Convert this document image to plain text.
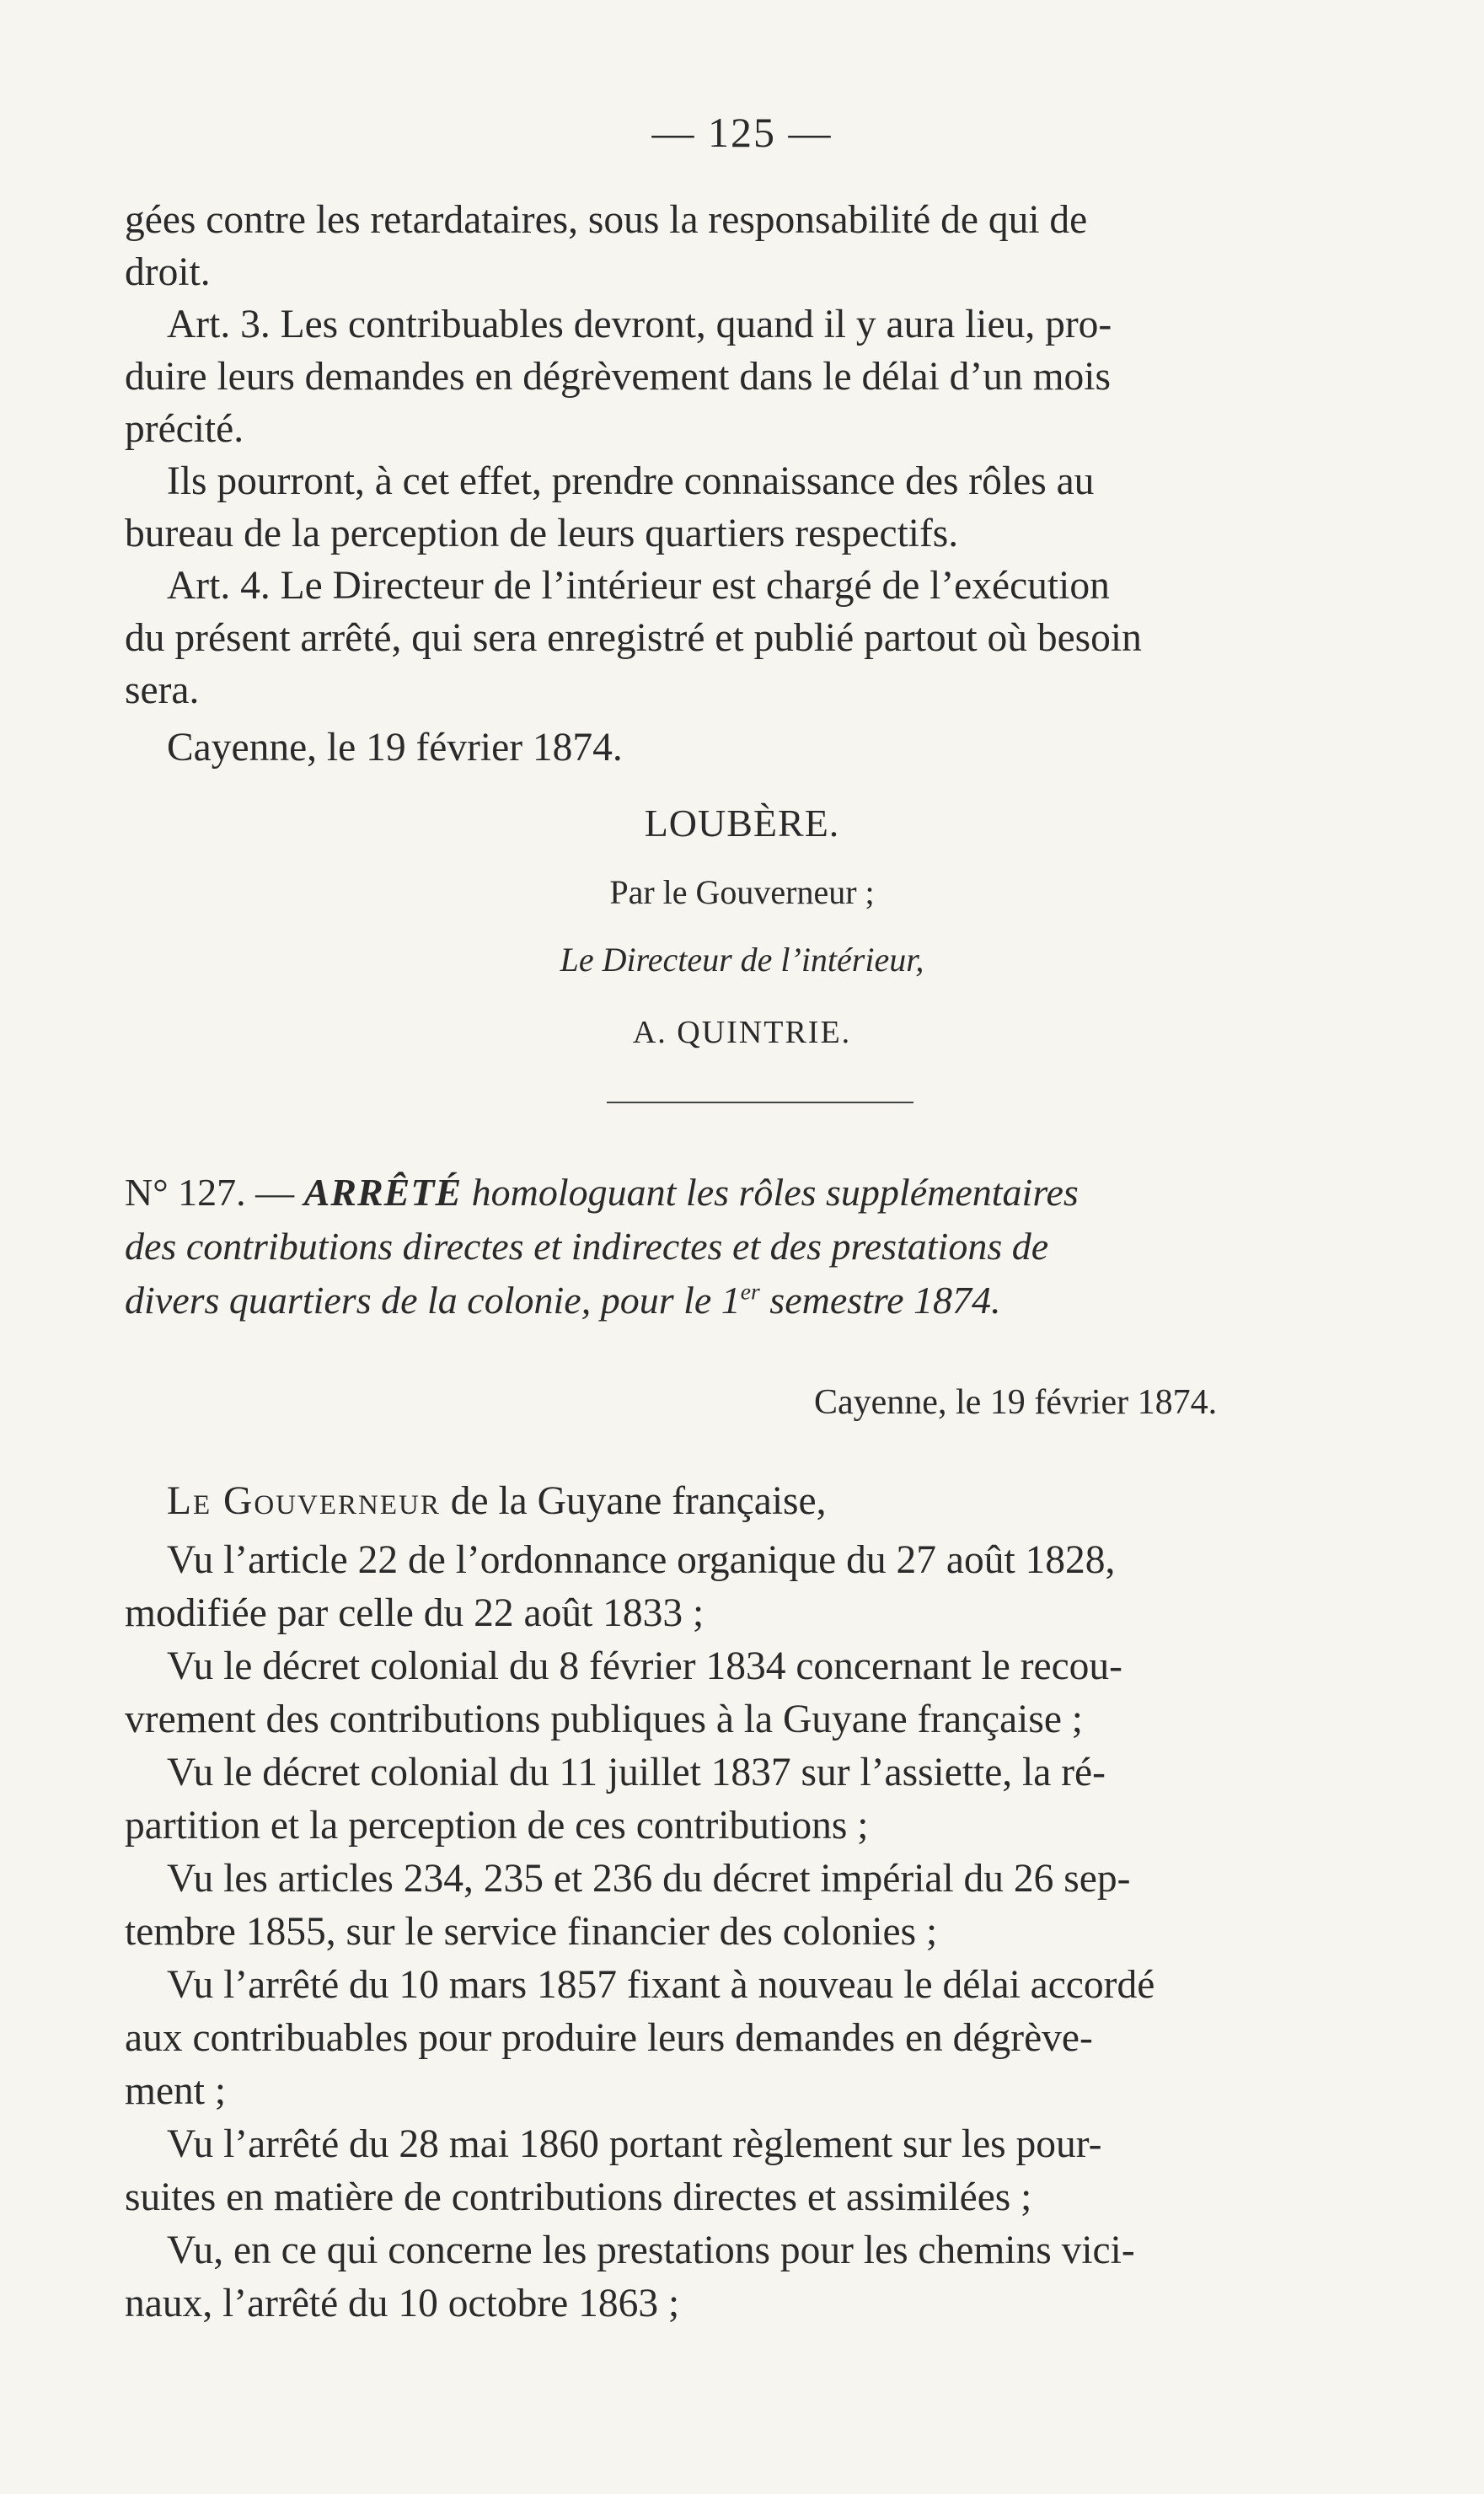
— 125 —
gées contre les retardataires, sous la responsabilité de qui de
droit.
Art. 3. Les contribuables devront, quand il y aura lieu, pro-
duire leurs demandes en dégrèvement dans le délai d’un mois
précité.
Ils pourront, à cet effet, prendre connaissance des rôles au
bureau de la perception de leurs quartiers respectifs.
Art. 4. Le Directeur de l’intérieur est chargé de l’exécution
du présent arrêté, qui sera enregistré et publié partout où besoin
sera.
Cayenne, le 19 février 1874.
LOUBÈRE.
Par le Gouverneur ;
Le Directeur de l’intérieur,
A. QUINTRIE.
N° 127. — ARRÊTÉ homologuant les rôles supplémentaires
des contributions directes et indirectes et des prestations de
divers quartiers de la colonie, pour le 1er semestre 1874.
Cayenne, le 19 février 1874.
Le Gouverneur de la Guyane française,
Vu l’article 22 de l’ordonnance organique du 27 août 1828,
modifiée par celle du 22 août 1833 ;
Vu le décret colonial du 8 février 1834 concernant le recou-
vrement des contributions publiques à la Guyane française ;
Vu le décret colonial du 11 juillet 1837 sur l’assiette, la ré-
partition et la perception de ces contributions ;
Vu les articles 234, 235 et 236 du décret impérial du 26 sep-
tembre 1855, sur le service financier des colonies ;
Vu l’arrêté du 10 mars 1857 fixant à nouveau le délai accordé
aux contribuables pour produire leurs demandes en dégrève-
ment ;
Vu l’arrêté du 28 mai 1860 portant règlement sur les pour-
suites en matière de contributions directes et assimilées ;
Vu, en ce qui concerne les prestations pour les chemins vici-
naux, l’arrêté du 10 octobre 1863 ;
